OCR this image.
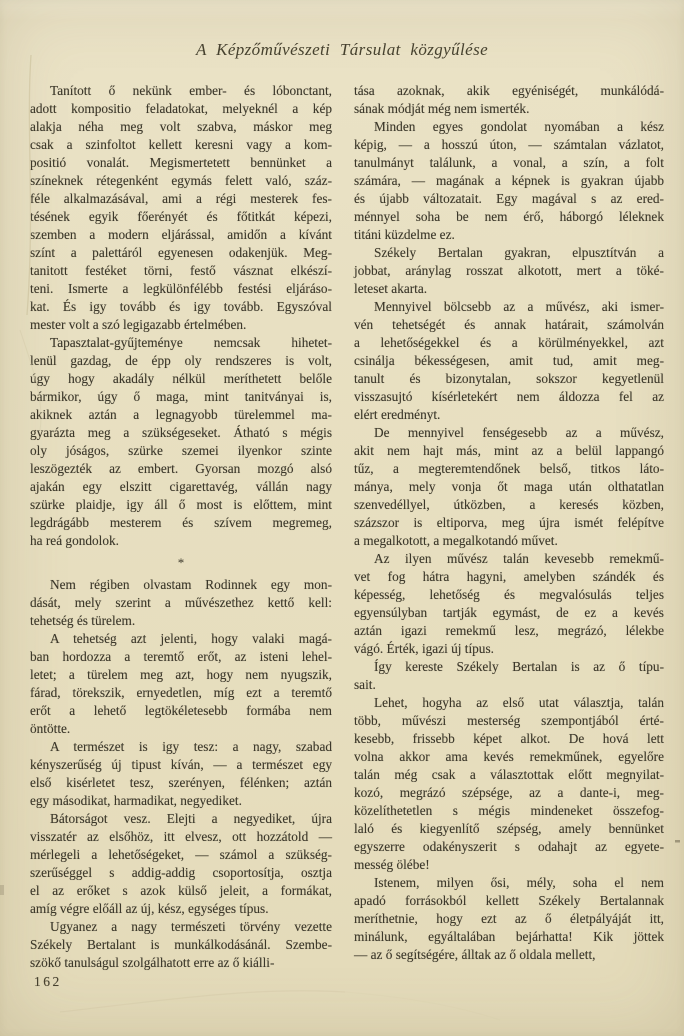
A Képzőművészeti Társulat közgyűlése
Tanított ő nekünk ember- és lóbonctant,
adott kompositio feladatokat, melyeknél a kép
alakja néha meg volt szabva, máskor meg
csak a szinfoltot kellett keresni vagy a kom-
positió vonalát. Megismertetett bennünket a
színeknek rétegenként egymás felett való, száz-
féle alkalmazásával, ami a régi mesterek fes-
tésének egyik főerényét és főtitkát képezi,
szemben a modern eljárással, amidőn a kívánt
színt a palettáról egyenesen odakenjük. Meg-
tanitott festéket törni, festő vásznat elkészí-
teni. Ismerte a legkülönfélébb festési eljáráso-
kat. És igy tovább és igy tovább. Egyszóval
mester volt a szó legigazabb értelmében.
Tapasztalat-gyűjteménye nemcsak hihetet-
lenül gazdag, de épp oly rendszeres is volt,
úgy hogy akadály nélkül meríthetett belőle
bármikor, úgy ő maga, mint tanitványai is,
akiknek aztán a legnagyobb türelemmel ma-
gyarázta meg a szükségeseket. Átható s mégis
oly jóságos, szürke szemei ilyenkor szinte
leszögezték az embert. Gyorsan mozgó alsó
ajakán egy elszitt cigarettavég, vállán nagy
szürke plaidje, igy áll ő most is előttem, mint
legdrágább mesterem és szívem megremeg,
ha reá gondolok.
*
Nem régiben olvastam Rodinnek egy mon-
dását, mely szerint a művészethez kettő kell:
tehetség és türelem.
A tehetség azt jelenti, hogy valaki magá-
ban hordozza a teremtő erőt, az isteni lehel-
letet; a türelem meg azt, hogy nem nyugszik,
fárad, törekszik, ernyedetlen, míg ezt a teremtő
erőt a lehető legtökéletesebb formába nem
öntötte.
A természet is igy tesz: a nagy, szabad
kényszerűség új tipust kíván, — a természet egy
első kisérletet tesz, szerényen, félénken; aztán
egy másodikat, harmadikat, negyediket.
Bátorságot vesz. Elejti a negyediket, újra
visszatér az elsőhöz, itt elvesz, ott hozzátold —
mérlegeli a lehetőségeket, — számol a szükség-
szerűséggel s addig-addig csoportosítja, osztja
el az erőket s azok külső jeleit, a formákat,
amíg végre előáll az új, kész, egységes típus.
Ugyanez a nagy természeti törvény vezette
Székely Bertalant is munkálkodásánál. Szembe-
szökő tanulságul szolgálhatott erre az ő kiálli-
tása azoknak, akik egyéniségét, munkálódá-
sának módját még nem ismerték.
Minden egyes gondolat nyomában a kész
képig, — a hosszú úton, — számtalan vázlatot,
tanulmányt találunk, a vonal, a szín, a folt
számára, — magának a képnek is gyakran újabb
és újabb változatait. Egy magával s az ered-
ménnyel soha be nem érő, háborgó léleknek
titáni küzdelme ez.
Székely Bertalan gyakran, elpusztítván a
jobbat, aránylag rosszat alkotott, mert a töké-
leteset akarta.
Mennyivel bölcsebb az a művész, aki ismer-
vén tehetségét és annak határait, számolván
a lehetőségekkel és a körülményekkel, azt
csinálja békességesen, amit tud, amit meg-
tanult és bizonytalan, sokszor kegyetlenül
visszasujtó kísérletekért nem áldozza fel az
elért eredményt.
De mennyivel fenségesebb az a művész,
akit nem hajt más, mint az a belül lappangó
tűz, a megteremtendőnek belső, titkos láto-
mánya, mely vonja őt maga után olthatatlan
szenvedéllyel, útközben, a keresés közben,
százszor is eltiporva, meg újra ismét felépítve
a megalkotott, a megalkotandó művet.
Az ilyen művész talán kevesebb remekmű-
vet fog hátra hagyni, amelyben szándék és
képesség, lehetőség és megvalósulás teljes
egyensúlyban tartják egymást, de ez a kevés
aztán igazi remekmű lesz, megrázó, lélekbe
vágó. Érték, igazi új típus.
Így kereste Székely Bertalan is az ő típu-
sait.
Lehet, hogyha az első utat választja, talán
több, művészi mesterség szempontjából érté-
kesebb, frissebb képet alkot. De hová lett
volna akkor ama kevés remekműnek, egyelőre
talán még csak a választottak előtt megnyilat-
kozó, megrázó szépsége, az a dante-i, meg-
közelíthetetlen s mégis mindeneket összefog-
laló és kiegyenlítő szépség, amely bennünket
egyszerre odakényszerit s odahajt az egyete-
messég ölébe!
Istenem, milyen ősi, mély, soha el nem
apadó forrásokból kellett Székely Bertalannak
meríthetnie, hogy ezt az ő életpályáját itt,
minálunk, egyáltalában bejárhatta! Kik jöttek
— az ő segítségére, álltak az ő oldala mellett,
162
